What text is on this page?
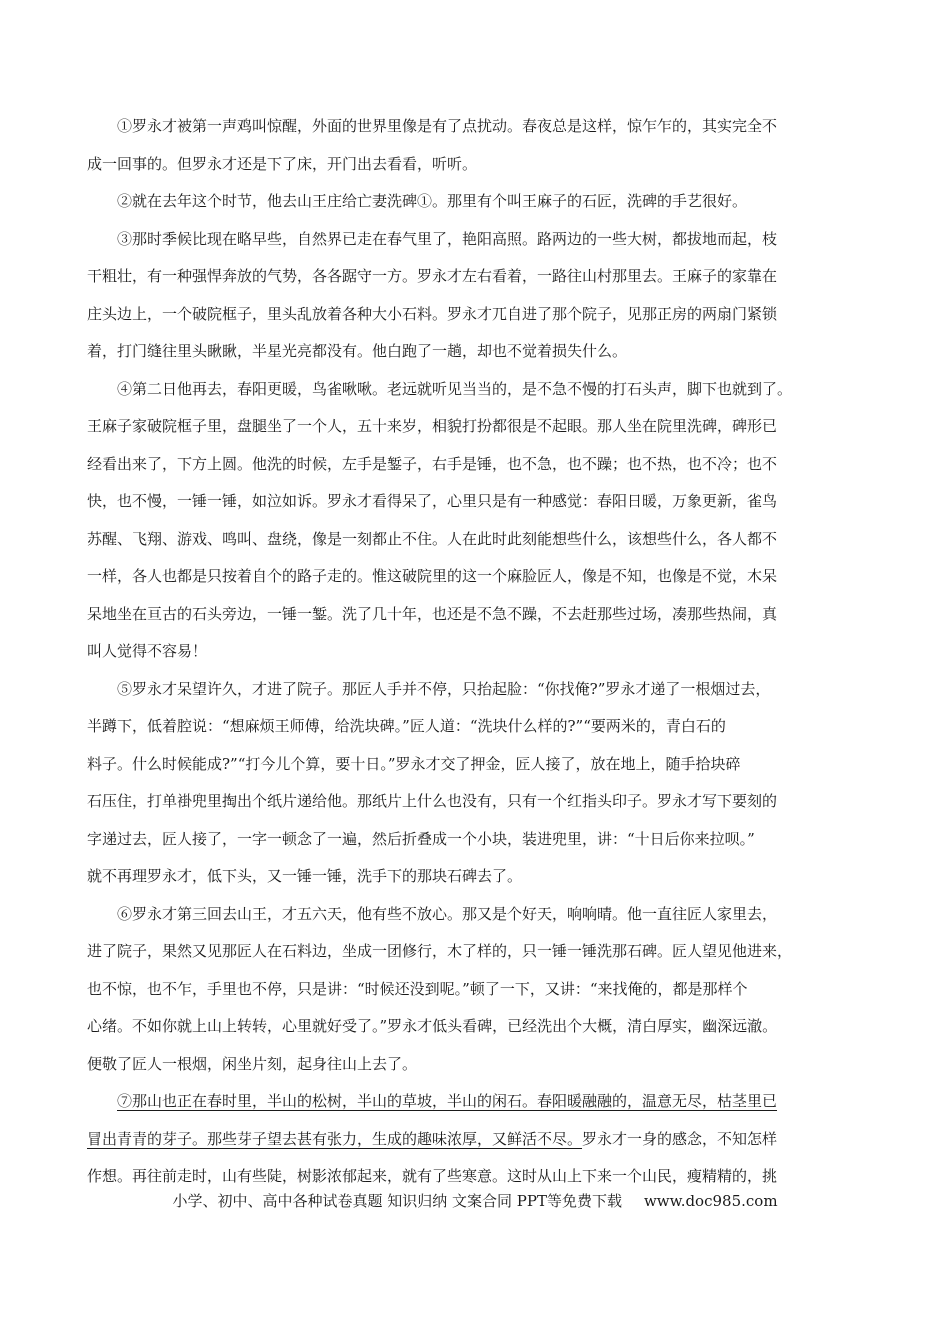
①罗永才被第一声鸡叫惊醒，外面的世界里像是有了点扰动。春夜总是这样，惊乍乍的，其实完全不
成一回事的。但罗永才还是下了床，开门出去看看，听听。
②就在去年这个时节，他去山王庄给亡妻洗碑①。那里有个叫王麻子的石匠，洗碑的手艺很好。
③那时季候比现在略早些，自然界已走在春气里了，艳阳高照。路两边的一些大树，都拔地而起，枝
干粗壮，有一种强悍奔放的气势，各各踞守一方。罗永才左右看着，一路往山村那里去。王麻子的家靠在
庄头边上，一个破院框子，里头乱放着各种大小石料。罗永才兀自进了那个院子，见那正房的两扇门紧锁
着，打门缝往里头瞅瞅，半星光亮都没有。他白跑了一趟，却也不觉着损失什么。
④第二日他再去，春阳更暖，鸟雀啾啾。老远就听见当当的，是不急不慢的打石头声，脚下也就到了。
王麻子家破院框子里，盘腿坐了一个人，五十来岁，相貌打扮都很是不起眼。那人坐在院里洗碑，碑形已
经看出来了，下方上圆。他洗的时候，左手是錾子，右手是锤，也不急，也不躁；也不热，也不冷；也不
快，也不慢，一锤一锤，如泣如诉。罗永才看得呆了，心里只是有一种感觉：春阳日暖，万象更新，雀鸟
苏醒、飞翔、游戏、鸣叫、盘绕，像是一刻都止不住。人在此时此刻能想些什么，该想些什么，各人都不
一样，各人也都是只按着自个的路子走的。惟这破院里的这一个麻脸匠人，像是不知，也像是不觉，木呆
呆地坐在亘古的石头旁边，一锤一錾。洗了几十年，也还是不急不躁，不去赶那些过场，凑那些热闹，真
叫人觉得不容易！
⑤罗永才呆望许久，才进了院子。那匠人手并不停，只抬起脸：“你找俺?”罗永才递了一根烟过去，
半蹲下，低着腔说：“想麻烦王师傅，给洗块碑。”匠人道：“洗块什么样的?”“要两米的，青白石的
料子。什么时候能成?”“打今儿个算，要十日。”罗永才交了押金，匠人接了，放在地上，随手拾块碎
石压住，打单褂兜里掏出个纸片递给他。那纸片上什么也没有，只有一个红指头印子。罗永才写下要刻的
字递过去，匠人接了，一字一顿念了一遍，然后折叠成一个小块，装进兜里，讲：“十日后你来拉呗。”
就不再理罗永才，低下头，又一锤一锤，洗手下的那块石碑去了。
⑥罗永才第三回去山王，才五六天，他有些不放心。那又是个好天，响响晴。他一直往匠人家里去，
进了院子，果然又见那匠人在石料边，坐成一团修行，木了样的，只一锤一锤洗那石碑。匠人望见他进来，
也不惊，也不乍，手里也不停，只是讲：“时候还没到呢。”顿了一下，又讲：“来找俺的，都是那样个
心绪。不如你就上山上转转，心里就好受了。”罗永才低头看碑，已经洗出个大概，清白厚实，幽深远澈。
便敬了匠人一根烟，闲坐片刻，起身往山上去了。
⑦那山也正在春时里，半山的松树，半山的草坡，半山的闲石。春阳暖融融的，温意无尽，枯茎里已
冒出青青的芽子。那些芽子望去甚有张力，生成的趣味浓厚，又鲜活不尽。罗永才一身的感念，不知怎样
作想。再往前走时，山有些陡，树影浓郁起来，就有了些寒意。这时从山上下来一个山民，瘦精精的，挑
小学、初中、高中各种试卷真题 知识归纳 文案合同 PPT等免费下载 www.doc985.com
